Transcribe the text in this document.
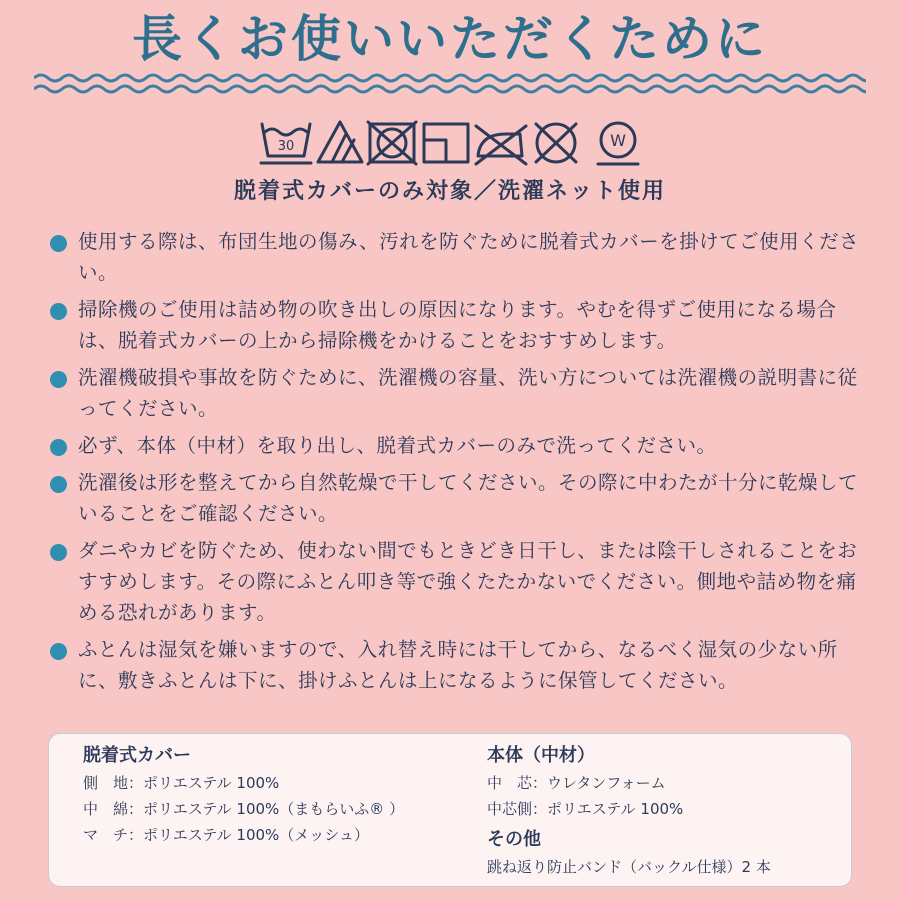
長くお使いいただくために
30	W
脱着式カバーのみ対象／洗濯ネット使用
使用する際は、布団生地の傷み、汚れを防ぐために脱着式カバーを掛けてご使用ください。
掃除機のご使用は詰め物の吹き出しの原因になります。やむを得ずご使用になる場合は、脱着式カバーの上から掃除機をかけることをおすすめします。
洗濯機破損や事故を防ぐために、洗濯機の容量、洗い方については洗濯機の説明書に従ってください。
必ず、本体（中材）を取り出し、脱着式カバーのみで洗ってください。
洗濯後は形を整えてから自然乾燥で干してください。その際に中わたが十分に乾燥していることをご確認ください。
ダニやカビを防ぐため、使わない間でもときどき日干し、または陰干しされることをおすすめします。その際にふとん叩き等で強くたたかないでください。側地や詰め物を痛める恐れがあります。
ふとんは湿気を嫌いますので、入れ替え時には干してから、なるべく湿気の少ない所に、敷きふとんは下に、掛けふとんは上になるように保管してください。
脱着式カバー
側　地：ポリエステル 100%
中　綿：ポリエステル 100%（まもらいふ® ）
マ　チ：ポリエステル 100%（メッシュ）
本体（中材）
中　芯：ウレタンフォーム
中芯側：ポリエステル 100%
その他
跳ね返り防止バンド（バックル仕様）2 本
